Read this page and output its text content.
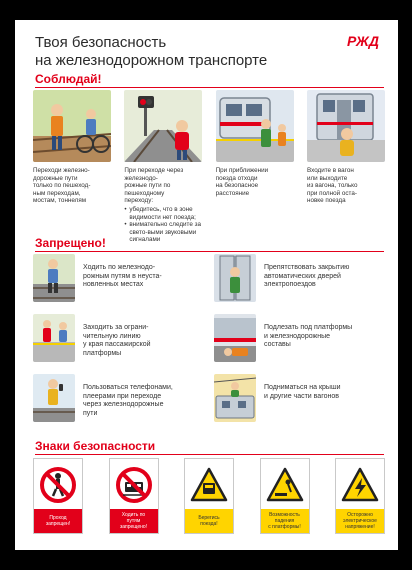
Твоя безопасность
на железнодорожном транспорте
РЖД
Соблюдай!
Переходи железно-
дорожные пути
только по пешеход-
ным переходам,
мостам, тоннелям
При переходе через железнодо-
рожные пути по пешеходному
переходу:
• убедитесь, что в зоне видимости нет поезда;
• внимательно следите за свето-выми звуковыми сигналами
При приближении
поезда отходи
на безопасное
расстояние
Входите в вагон
или выходите
из вагона, только
при полной оста-
новке поезда
Запрещено!
Ходить по железнодо-
рожным путям в неуста-
новленных местах
Препятствовать закрытию
автоматических дверей
электропоездов
Заходить за ограни-
чительную линию
у края пассажирской
платформы
Подлезать под платформы
и железнодорожные
составы
Пользоваться телефонами,
плеерами при переходе
через железнодорожные
пути
Подниматься на крыши
и другие части вагонов
Знаки безопасности
Проход
запрещен!
Ходить по
путям
запрещено!
Берегись
поезда!
Возможность
падения
с платформы!
Осторожно
электрическое
напряжение!
